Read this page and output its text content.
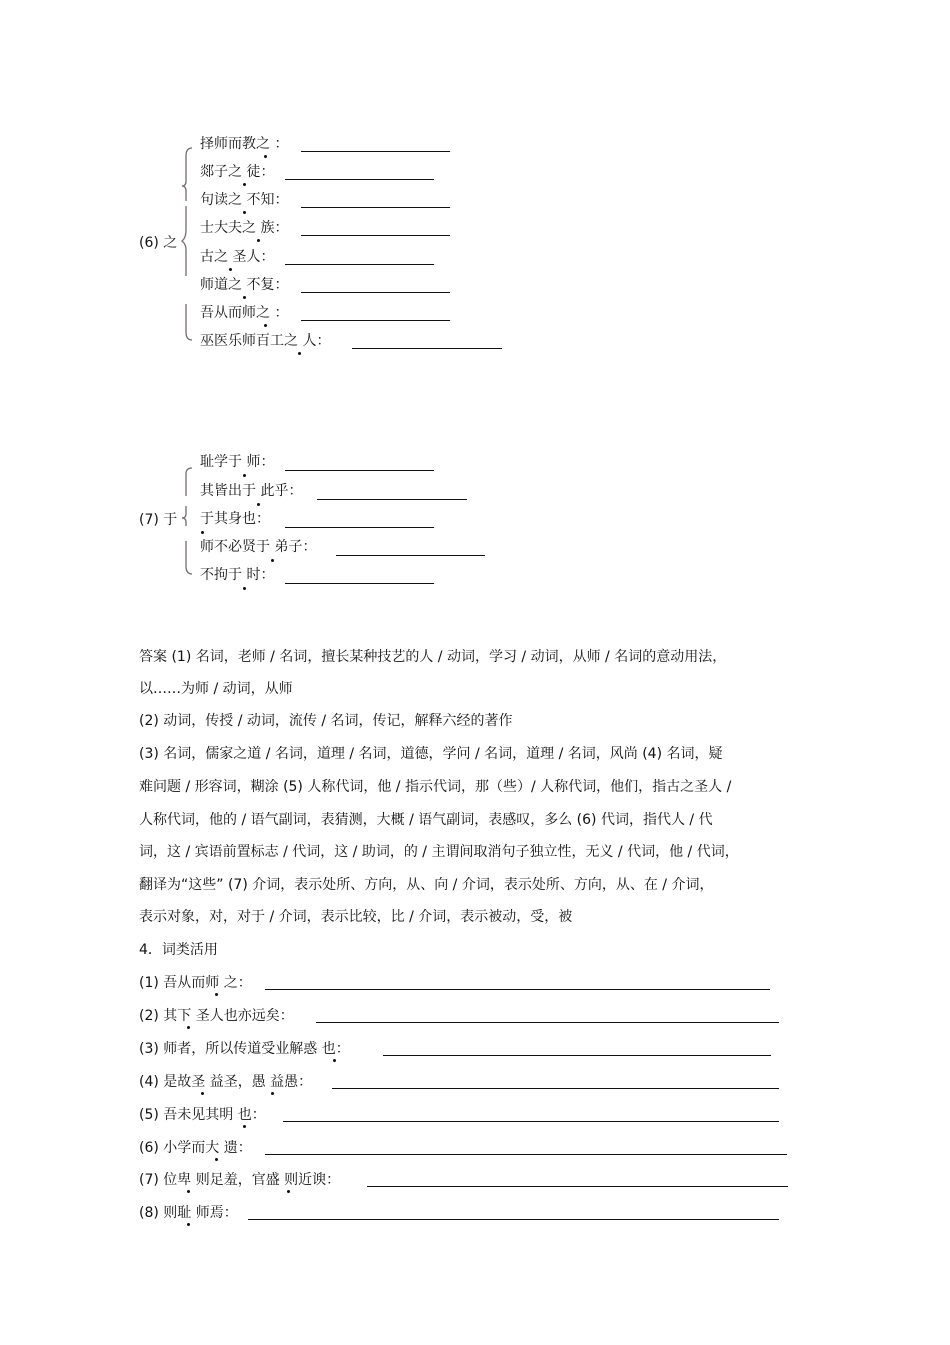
(6) 之
择师而教之 ：
郯子之 徒：
句读之 不知：
士大夫之 族：
古之 圣人：
师道之 不复：
吾从而师之 ：
巫医乐师百工之 人：
(7) 于
耻学于 师：
其皆出于 此乎：
于其身也：
师不必贤于 弟子：
不拘于 时：
答案 (1) 名词，老师 / 名词，擅长某种技艺的人 / 动词，学习 / 动词，从师 / 名词的意动用法，
以……为师 / 动词，从师
(2) 动词，传授 / 动词，流传 / 名词，传记，解释六经的著作
(3) 名词，儒家之道 / 名词，道理 / 名词，道德，学问 / 名词，道理 / 名词，风尚 (4) 名词，疑
难问题 / 形容词，糊涂 (5) 人称代词，他 / 指示代词，那（些）/ 人称代词，他们，指古之圣人 /
人称代词，他的 / 语气副词，表猜测，大概 / 语气副词，表感叹，多么 (6) 代词，指代人 / 代
词，这 / 宾语前置标志 / 代词，这 / 助词，的 / 主谓间取消句子独立性，无义 / 代词，他 / 代词，
翻译为“这些” (7) 介词，表示处所、方向，从、向 / 介词，表示处所、方向，从、在 / 介词，
表示对象，对，对于 / 介词，表示比较，比 / 介词，表示被动，受，被
4．词类活用
(1) 吾从而师 之：
(2) 其下 圣人也亦远矣：
(3) 师者，所以传道受业解惑 也：
(4) 是故圣 益圣，愚 益愚：
(5) 吾未见其明 也：
(6) 小学而大 遗：
(7) 位卑 则足羞，官盛 则近谀：
(8) 则耻 师焉：
